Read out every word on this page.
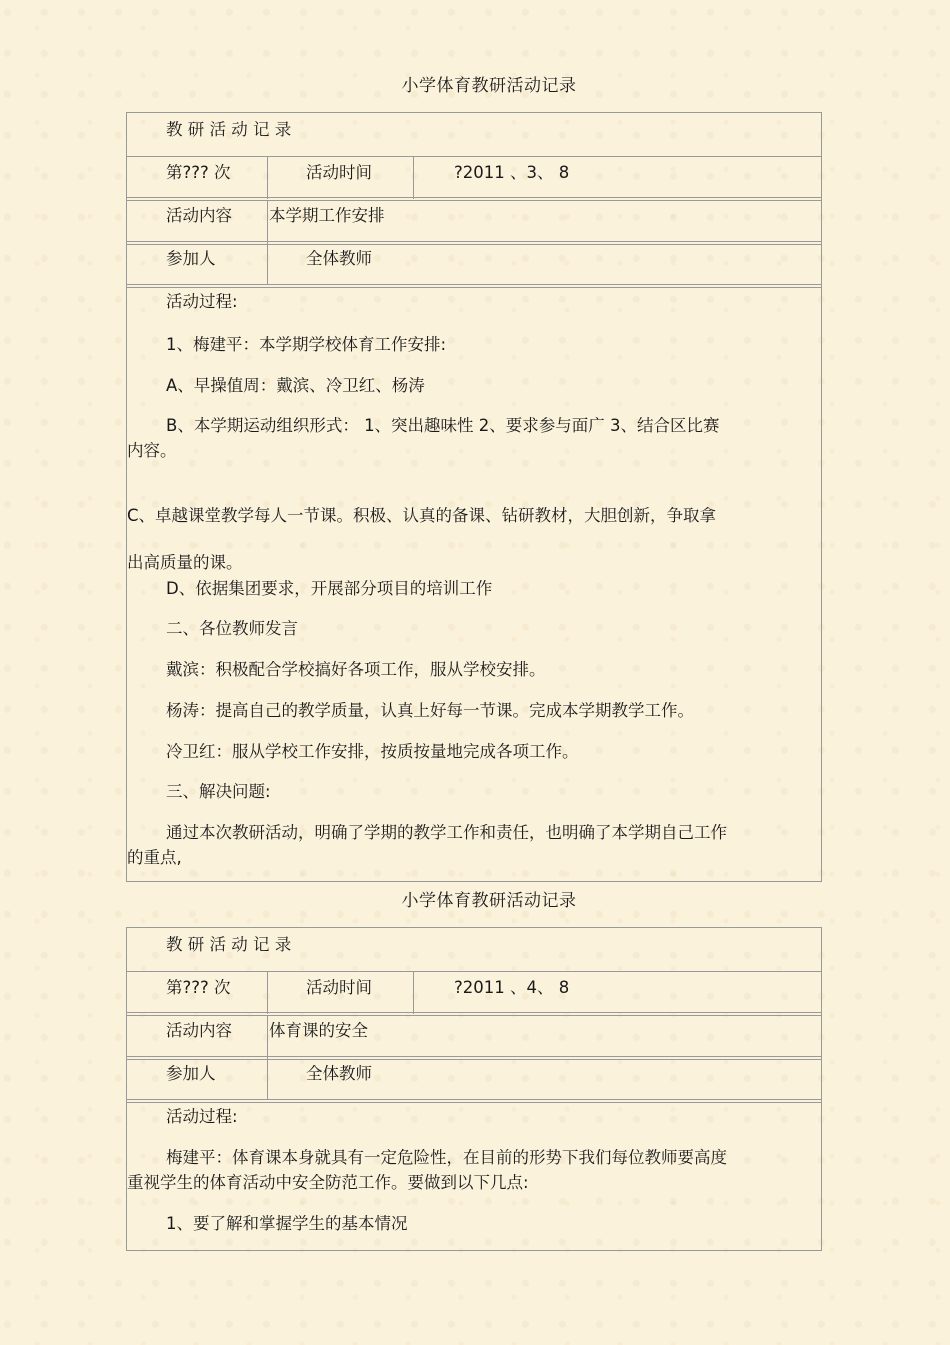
小学体育教研活动记录
教 研 活 动 记 录
第??? 次	活动时间	?2011 、3、 8
活动内容 本学期工作安排
参加人	全体教师
活动过程:
1、梅建平：本学期学校体育工作安排:
A、早操值周：戴滨、冷卫红、杨涛
B、本学期运动组织形式： 1、突出趣味性 2、要求参与面广 3、结合区比赛
内容。
C、卓越课堂教学每人一节课。积极、认真的备课、钻研教材，大胆创新，争取拿
出高质量的课。
D、依据集团要求，开展部分项目的培训工作
二、各位教师发言
戴滨：积极配合学校搞好各项工作，服从学校安排。
杨涛：提高自己的教学质量，认真上好每一节课。完成本学期教学工作。
冷卫红：服从学校工作安排，按质按量地完成各项工作。
三、解决问题:
通过本次教研活动，明确了学期的教学工作和责任，也明确了本学期自己工作
的重点,
小学体育教研活动记录
教 研 活 动 记 录
第??? 次	活动时间	?2011 、4、 8
活动内容 体育课的安全
参加人	全体教师
活动过程:
梅建平：体育课本身就具有一定危险性，在目前的形势下我们每位教师要高度
重视学生的体育活动中安全防范工作。要做到以下几点:
1、要了解和掌握学生的基本情况
